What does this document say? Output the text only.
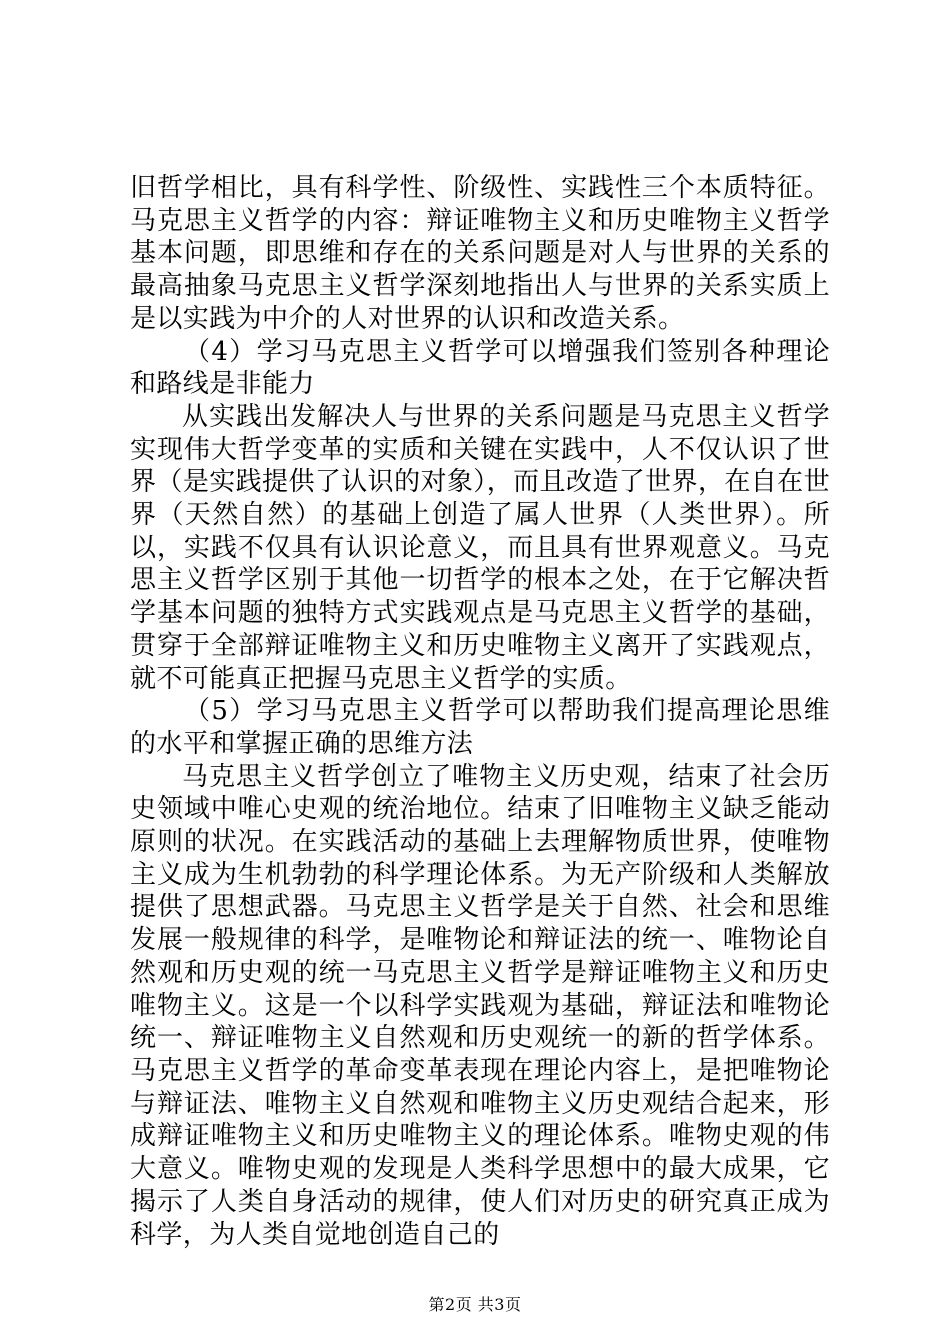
旧哲学相比，具有科学性、阶级性、实践性三个本质特征。马克思主义哲学的内容：辩证唯物主义和历史唯物主义哲学基本问题，即思维和存在的关系问题是对人与世界的关系的最高抽象马克思主义哲学深刻地指出人与世界的关系实质上是以实践为中介的人对世界的认识和改造关系。

（4）学习马克思主义哲学可以增强我们签别各种理论和路线是非能力

从实践出发解决人与世界的关系问题是马克思主义哲学实现伟大哲学变革的实质和关键在实践中，人不仅认识了世界（是实践提供了认识的对象），而且改造了世界，在自在世界（天然自然）的基础上创造了属人世界（人类世界）。所以，实践不仅具有认识论意义，而且具有世界观意义。马克思主义哲学区别于其他一切哲学的根本之处，在于它解决哲学基本问题的独特方式实践观点是马克思主义哲学的基础，贯穿于全部辩证唯物主义和历史唯物主义离开了实践观点，就不可能真正把握马克思主义哲学的实质。

（5）学习马克思主义哲学可以帮助我们提高理论思维的水平和掌握正确的思维方法

马克思主义哲学创立了唯物主义历史观，结束了社会历史领域中唯心史观的统治地位。结束了旧唯物主义缺乏能动原则的状况。在实践活动的基础上去理解物质世界，使唯物主义成为生机勃勃的科学理论体系。为无产阶级和人类解放提供了思想武器。马克思主义哲学是关于自然、社会和思维发展一般规律的科学，是唯物论和辩证法的统一、唯物论自然观和历史观的统一马克思主义哲学是辩证唯物主义和历史唯物主义。这是一个以科学实践观为基础，辩证法和唯物论统一、辩证唯物主义自然观和历史观统一的新的哲学体系。马克思主义哲学的革命变革表现在理论内容上，是把唯物论与辩证法、唯物主义自然观和唯物主义历史观结合起来，形成辩证唯物主义和历史唯物主义的理论体系。唯物史观的伟大意义。唯物史观的发现是人类科学思想中的最大成果，它揭示了人类自身活动的规律，使人们对历史的研究真正成为科学，为人类自觉地创造自己的

第2页 共3页
